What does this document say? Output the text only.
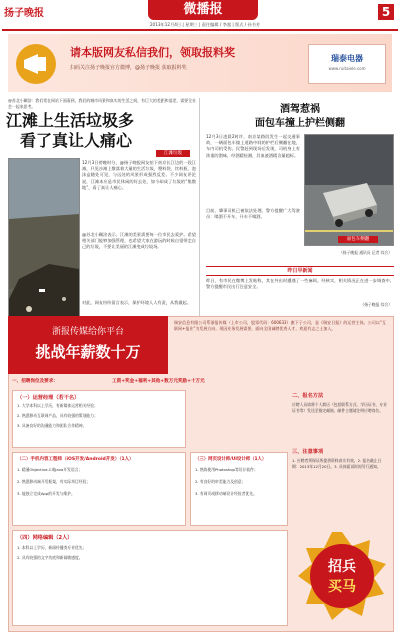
扬子晚报	微播报	5
2013年12月4日 | 星期三 | 责任编辑 / 李超 | 版式 / 孙书芳
请本版网友私信我们，领取报料奖
扫码关注扬子晚报官方微博，@扬子晚报 获取报料奖
瑞泰电器
www.ruitaiele.com
@苏北小糊涂：我们常在网站下面看到，我们的城市风景和真实的生活之间，有巨大的差距和落差，需要全社会一起来思考。
江滩上生活垃圾多
看了真让人痛心
江滩垃圾
12月3日傍晚时分，@扬子晚报网友拍下南京长江边的一段江滩，只见沙滩上散落着大量的生活垃圾，塑料袋、饮料瓶、泡沫盒随处可见，与远处的风景形成强烈反差。不少网友评论说，江滩本应是市民休闲的好去处，如今却成了垃圾的“集散地”，看了真让人痛心。
@苏北小糊涂表示，江滩的美景需要每一位市民去爱护。希望相关部门能够加强管理，也希望大家在游玩的时候自觉带走自己的垃圾，不要让美丽的江滩变成垃圾场。
对此，网友纷纷留言表示，保护环境人人有责，从我做起。
酒驾惹祸
面包车撞上护栏侧翻
12月3日凌晨2时许，南京某路段发生一起交通事故，一辆面包车撞上道路中间的护栏后侧翻在地，车内司机受伤。民警赶到现场后发现，司机身上有浓重的酒味，经酒精检测，其血液酒精含量超标。
目前，肇事司机已被依法处理。警方提醒广大驾驶员：喝酒不开车，开车不喝酒。
面包车侧翻
（扬子晚报 通讯员 记者 综合）
昨日早新闻
昨日，有市民在微博上发帖称，其在外出时遭遇了一些麻烦。经核实，相关情况正在进一步调查中。警方提醒市民出行注意安全。
（扬子晚报 综合）
浙报传媒给你平台
挑战年薪数十万
瑞安信息有限公司系浙报传媒（上市公司，股票代码：600633）旗下子公司，是《瑞安日报》的运营主体。公司以“互联网+报业”为发展方向，现因业务发展需要，面向全国诚聘优秀人才，欢迎有志之士加入。
一、招聘岗位及要求：	工资+奖金+福利+其他+数万元奖励+十万元
（一）运营经理（若干名）
1. 大学本科以上学历，有新媒体运营相关经验；
2. 熟悉移动互联网产品，具有较强的策划能力；
3. 具备良好的沟通能力和团队合作精神。
（二）手机内容工程师（iOS开发/Android开发）（1人）
1. 精通Objective-C或Java开发语言；
2. 熟悉移动端开发框架，有实际项目经验；
3. 能独立完成App的开发与维护。
（三）网页设计师/UI设计师（1人）
1. 熟练使用Photoshop等设计软件；
2. 有良好的审美能力及创意；
3. 有网页或移动端设计经验者优先。
（四）网络编辑（2人）
1. 本科以上学历，新闻传播类专业优先；
2. 具有较强的文字功底和新闻敏感度。
二、报名方法
应聘人员请将个人简历（包括联系方式、学历证书、专业证书等）发送至指定邮箱，邮件主题请注明应聘岗位。
三、注意事项
1. 应聘者须保证所提供资料真实有效。2. 报名截止日期：2013年12月20日。3. 具体面试时间另行通知。
招兵
买马
